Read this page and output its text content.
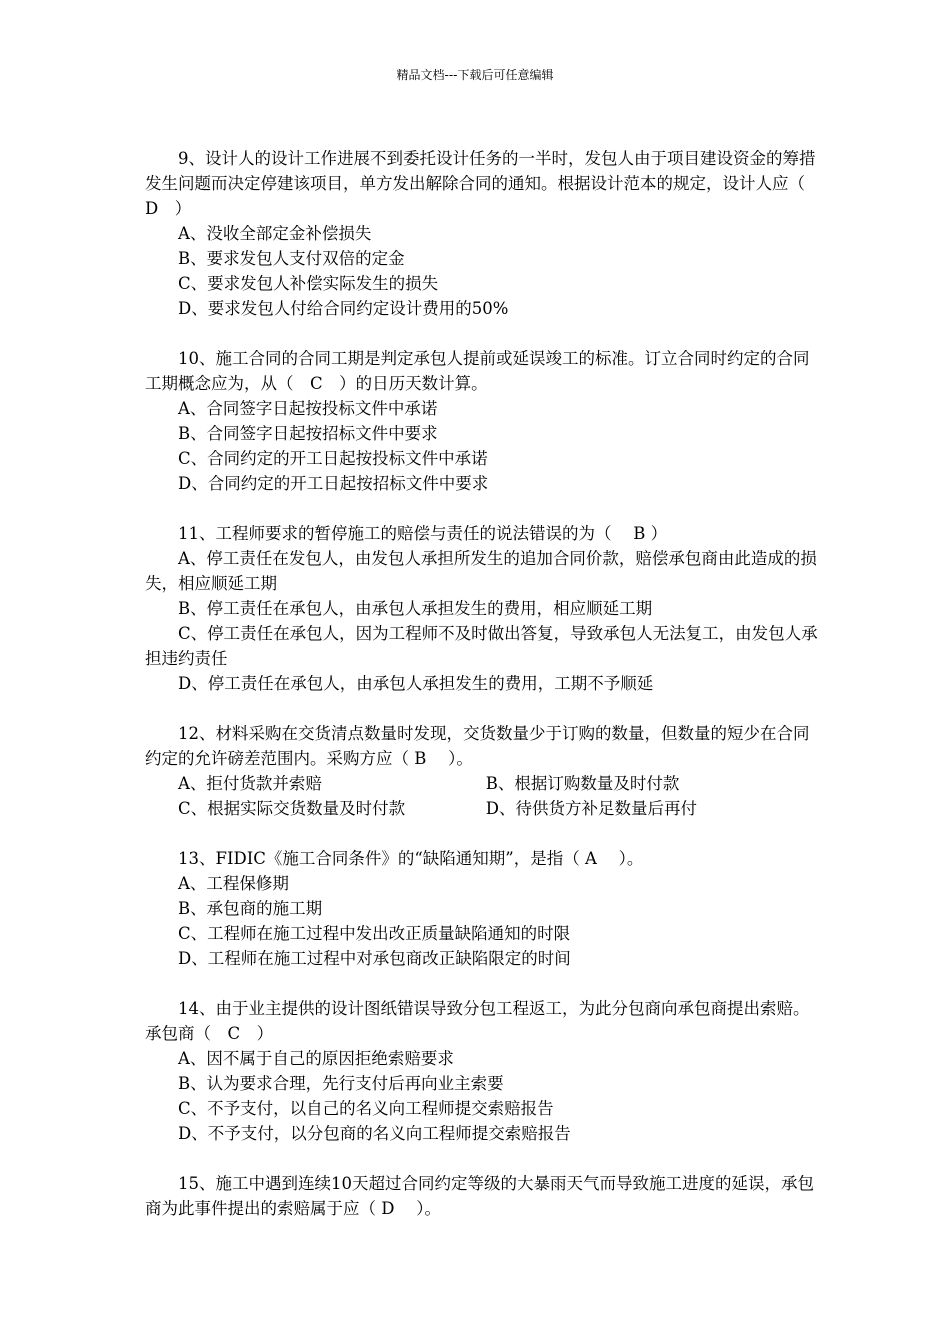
精品文档---下载后可任意编辑

9、设计人的设计工作进展不到委托设计任务的一半时，发包人由于项目建设资金的筹措发生问题而决定停建该项目，单方发出解除合同的通知。根据设计范本的规定，设计人应（　D　）

A、没收全部定金补偿损失

B、要求发包人支付双倍的定金

C、要求发包人补偿实际发生的损失

D、要求发包人付给合同约定设计费用的50%

10、施工合同的合同工期是判定承包人提前或延误竣工的标准。订立合同时约定的合同工期概念应为，从（　C　）的日历天数计算。

A、合同签字日起按投标文件中承诺

B、合同签字日起按招标文件中要求

C、合同约定的开工日起按投标文件中承诺

D、合同约定的开工日起按招标文件中要求

11、工程师要求的暂停施工的赔偿与责任的说法错误的为（　 B ）

A、停工责任在发包人，由发包人承担所发生的追加合同价款，赔偿承包商由此造成的损失，相应顺延工期

B、停工责任在承包人，由承包人承担发生的费用，相应顺延工期

C、停工责任在承包人，因为工程师不及时做出答复，导致承包人无法复工，由发包人承担违约责任

D、停工责任在承包人，由承包人承担发生的费用，工期不予顺延

12、材料采购在交货清点数量时发现，交货数量少于订购的数量，但数量的短少在合同约定的允许磅差范围内。采购方应（ B　 ）。

A、拒付货款并索赔	B、根据订购数量及时付款
C、根据实际交货数量及时付款	D、待供货方补足数量后再付

13、FIDIC《施工合同条件》的“缺陷通知期”，是指（ A　 ）。

A、工程保修期

B、承包商的施工期

C、工程师在施工过程中发出改正质量缺陷通知的时限

D、工程师在施工过程中对承包商改正缺陷限定的时间

14、由于业主提供的设计图纸错误导致分包工程返工，为此分包商向承包商提出索赔。承包商（　C　）

A、因不属于自己的原因拒绝索赔要求

B、认为要求合理，先行支付后再向业主索要

C、不予支付，以自己的名义向工程师提交索赔报告

D、不予支付，以分包商的名义向工程师提交索赔报告

15、施工中遇到连续10天超过合同约定等级的大暴雨天气而导致施工进度的延误，承包商为此事件提出的索赔属于应（ D　 ）。
